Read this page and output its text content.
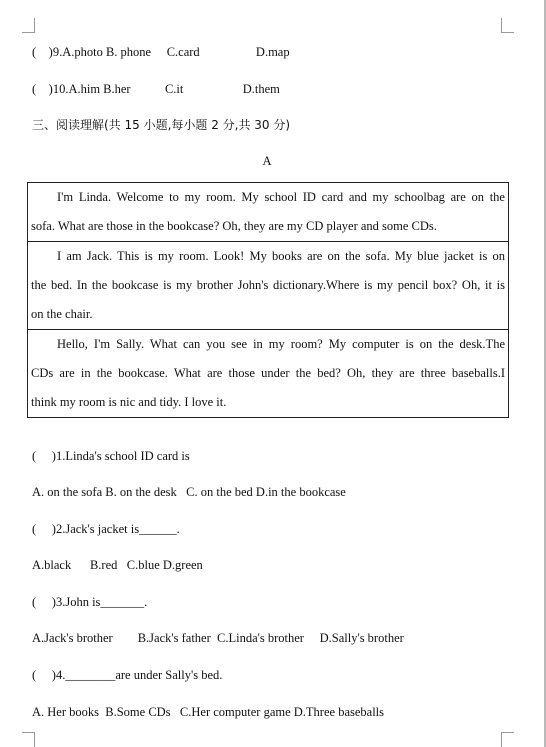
(    )9.A.photo B. phone     C.card                  D.map
(    )10.A.him B.her           C.it                   D.them
三、阅读理解(共 15 小题,每小题 2 分,共 30 分)
A

I'm Linda. Welcome to my room. My school ID card and my schoolbag are on the

sofa. What are those in the bookcase? Oh, they are my CD player and some CDs.

I am Jack. This is my room. Look! My books are on the sofa. My blue jacket is on

the bed. In the bookcase is my brother John's dictionary.Where is my pencil box? Oh, it is

on the chair.

Hello, I'm Sally. What can you see in my room? My computer is on the desk.The

CDs are in the bookcase. What are those under the bed? Oh, they are three baseballs.I

think my room is nic and tidy. I love it.

(     )1.Linda's school ID card is
A. on the sofa B. on the desk   C. on the bed D.in the bookcase
(     )2.Jack's jacket is______.
A.black      B.red   C.blue D.green
(     )3.John is_______.
A.Jack's brother        B.Jack's father  C.Linda's brother     D.Sally's brother
(     )4.________are under Sally's bed.
A. Her books  B.Some CDs   C.Her computer game D.Three baseballs
